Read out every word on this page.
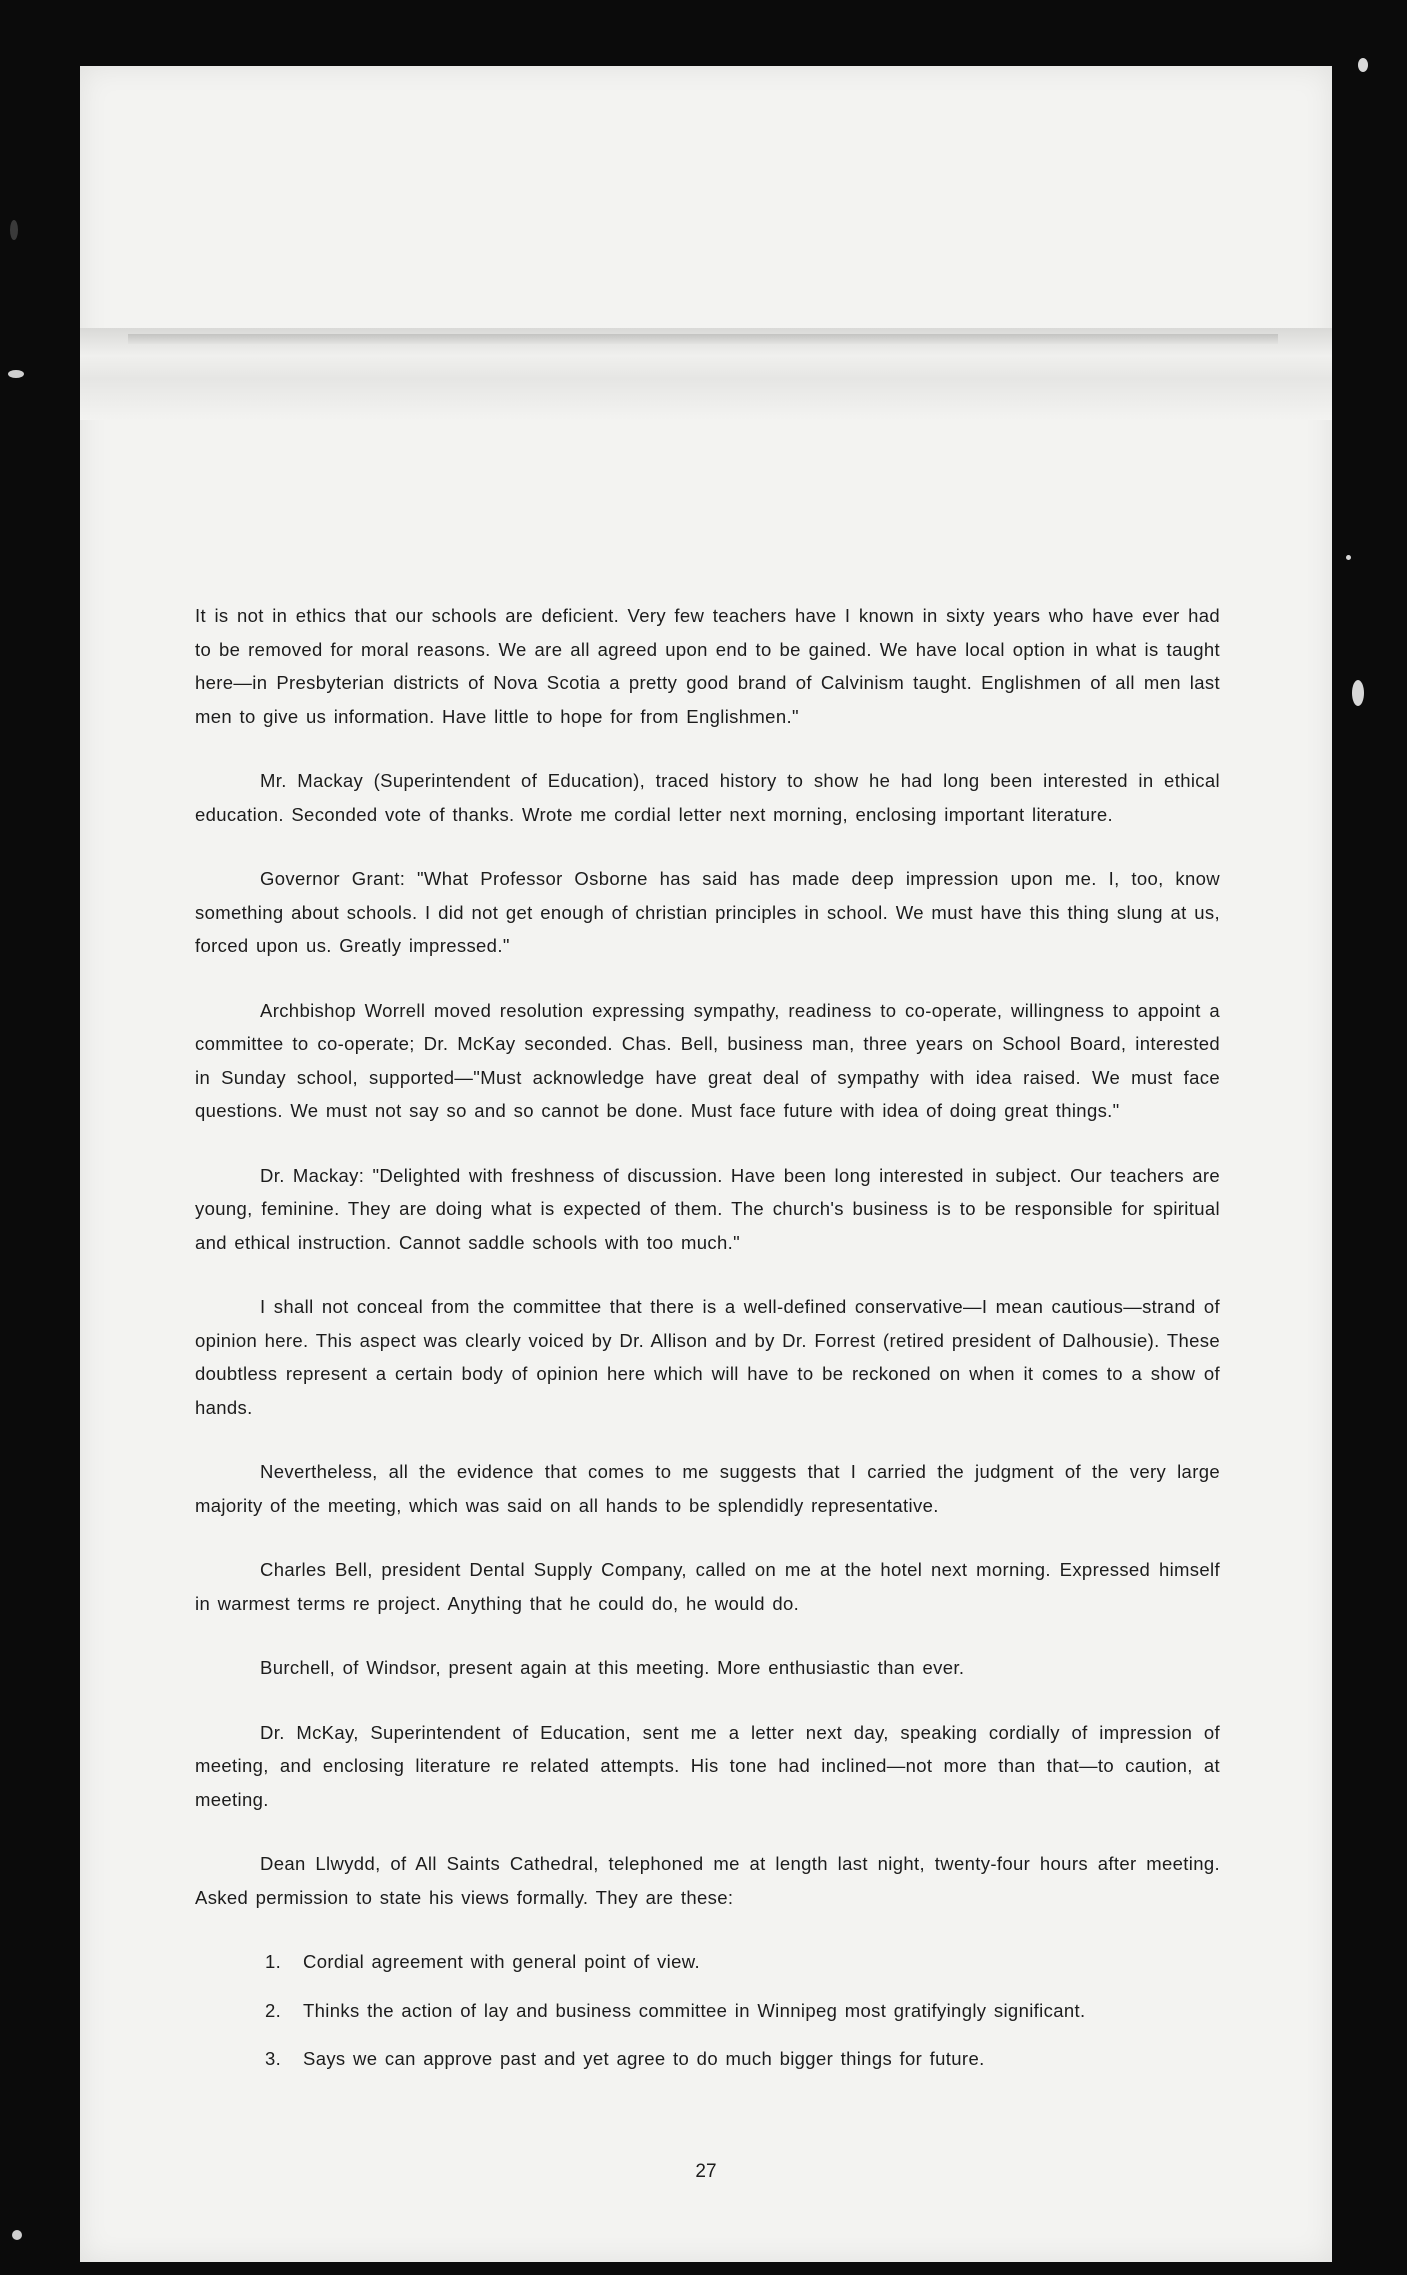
It is not in ethics that our schools are deficient. Very few teachers have I known in sixty years who have ever had to be removed for moral reasons. We are all agreed upon end to be gained. We have local option in what is taught here—in Presbyterian districts of Nova Scotia a pretty good brand of Calvinism taught. Englishmen of all men last men to give us information. Have little to hope for from Englishmen."

Mr. Mackay (Superintendent of Education), traced history to show he had long been interested in ethical education. Seconded vote of thanks. Wrote me cordial letter next morning, enclosing important literature.

Governor Grant: "What Professor Osborne has said has made deep impression upon me. I, too, know something about schools. I did not get enough of christian principles in school. We must have this thing slung at us, forced upon us. Greatly impressed."

Archbishop Worrell moved resolution expressing sympathy, readiness to co-operate, willingness to appoint a committee to co-operate; Dr. McKay seconded. Chas. Bell, business man, three years on School Board, interested in Sunday school, supported—"Must acknowledge have great deal of sympathy with idea raised. We must face questions. We must not say so and so cannot be done. Must face future with idea of doing great things."

Dr. Mackay: "Delighted with freshness of discussion. Have been long interested in subject. Our teachers are young, feminine. They are doing what is expected of them. The church's business is to be responsible for spiritual and ethical instruction. Cannot saddle schools with too much."

I shall not conceal from the committee that there is a well-defined conservative—I mean cautious—strand of opinion here. This aspect was clearly voiced by Dr. Allison and by Dr. Forrest (retired president of Dalhousie). These doubtless represent a certain body of opinion here which will have to be reckoned on when it comes to a show of hands.

Nevertheless, all the evidence that comes to me suggests that I carried the judgment of the very large majority of the meeting, which was said on all hands to be splendidly representative.

Charles Bell, president Dental Supply Company, called on me at the hotel next morning. Expressed himself in warmest terms re project. Anything that he could do, he would do.

Burchell, of Windsor, present again at this meeting. More enthusiastic than ever.

Dr. McKay, Superintendent of Education, sent me a letter next day, speaking cordially of impression of meeting, and enclosing literature re related attempts. His tone had inclined—not more than that—to caution, at meeting.

Dean Llwydd, of All Saints Cathedral, telephoned me at length last night, twenty-four hours after meeting. Asked permission to state his views formally. They are these:

1.	Cordial agreement with general point of view.
2.	Thinks the action of lay and business committee in Winnipeg most gratifyingly significant.
3.	Says we can approve past and yet agree to do much bigger things for future.
27
